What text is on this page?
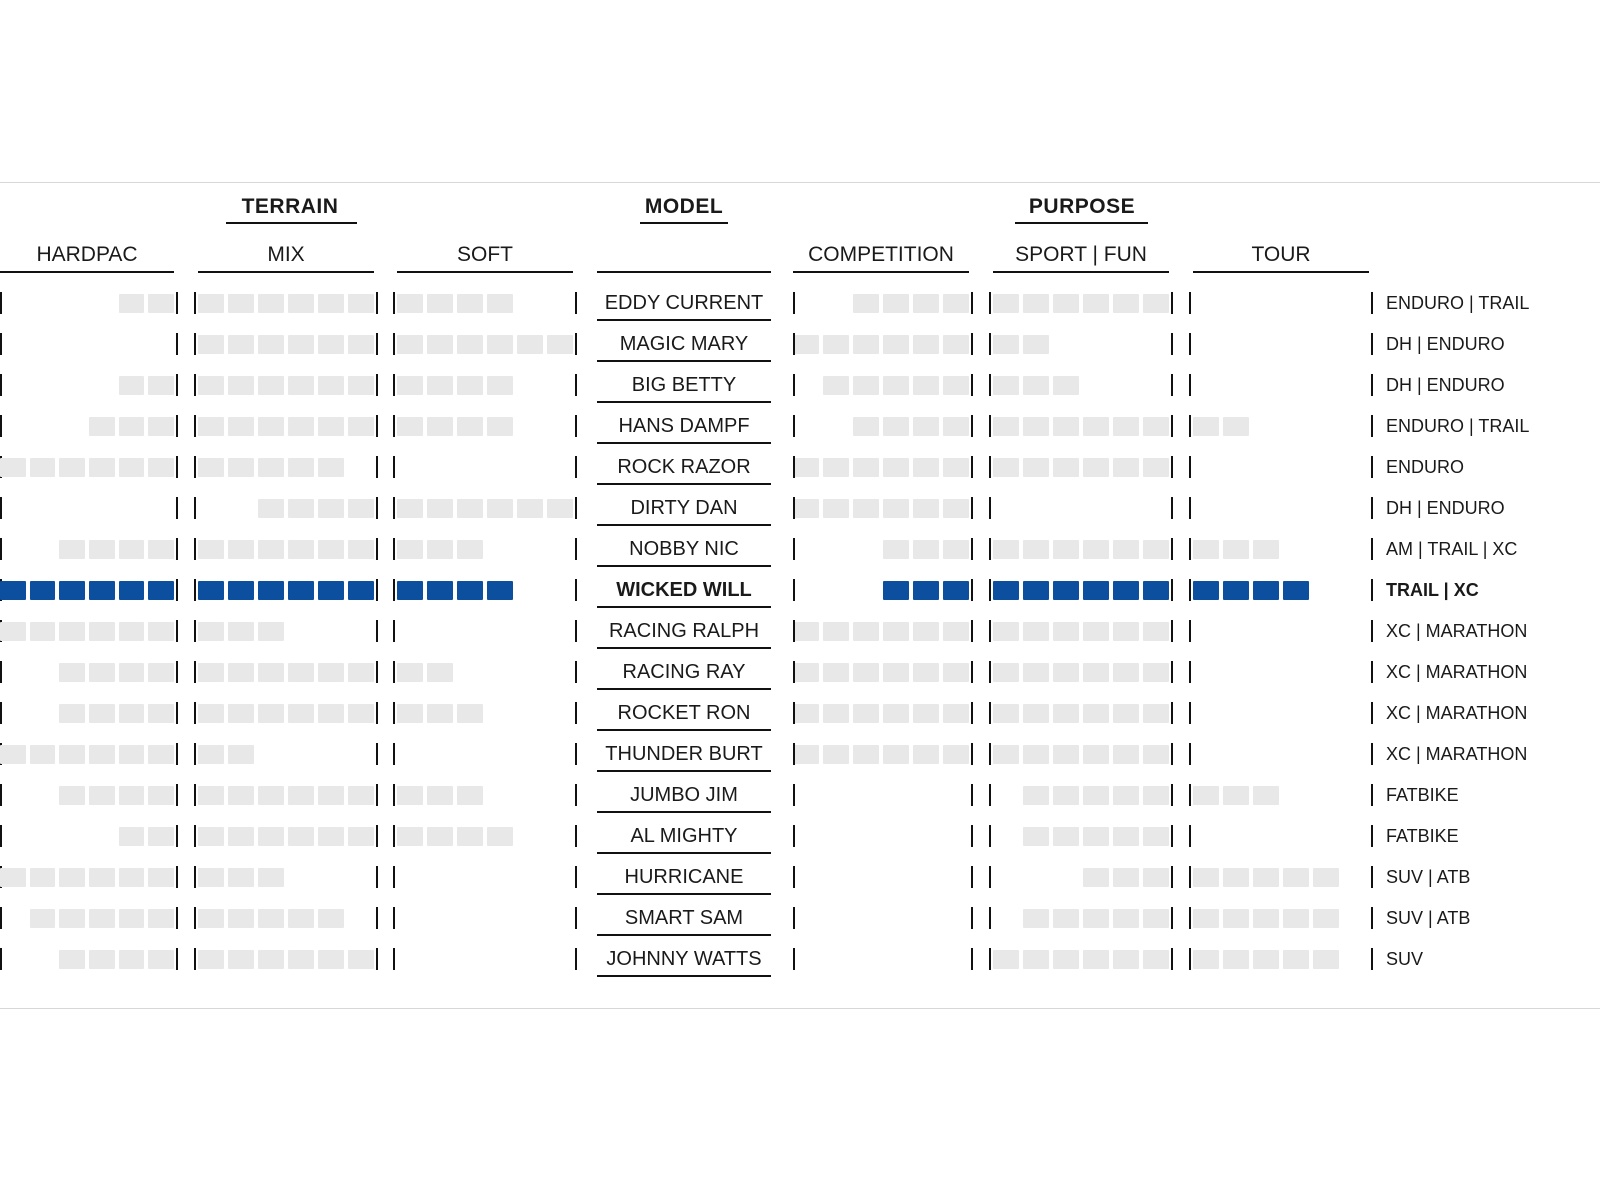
TERRAIN	MODEL	PURPOSE
HARDPAC	MIX	SOFT	COMPETITION	SPORT | FUN	TOUR
EDDY CURRENT	ENDURO | TRAIL
MAGIC MARY	DH | ENDURO
BIG BETTY	DH | ENDURO
HANS DAMPF	ENDURO | TRAIL
ROCK RAZOR	ENDURO
DIRTY DAN	DH | ENDURO
NOBBY NIC	AM | TRAIL | XC
WICKED WILL	TRAIL | XC
RACING RALPH	XC | MARATHON
RACING RAY	XC | MARATHON
ROCKET RON	XC | MARATHON
THUNDER BURT	XC | MARATHON
JUMBO JIM	FATBIKE
AL MIGHTY	FATBIKE
HURRICANE	SUV | ATB
SMART SAM	SUV | ATB
JOHNNY WATTS	SUV
